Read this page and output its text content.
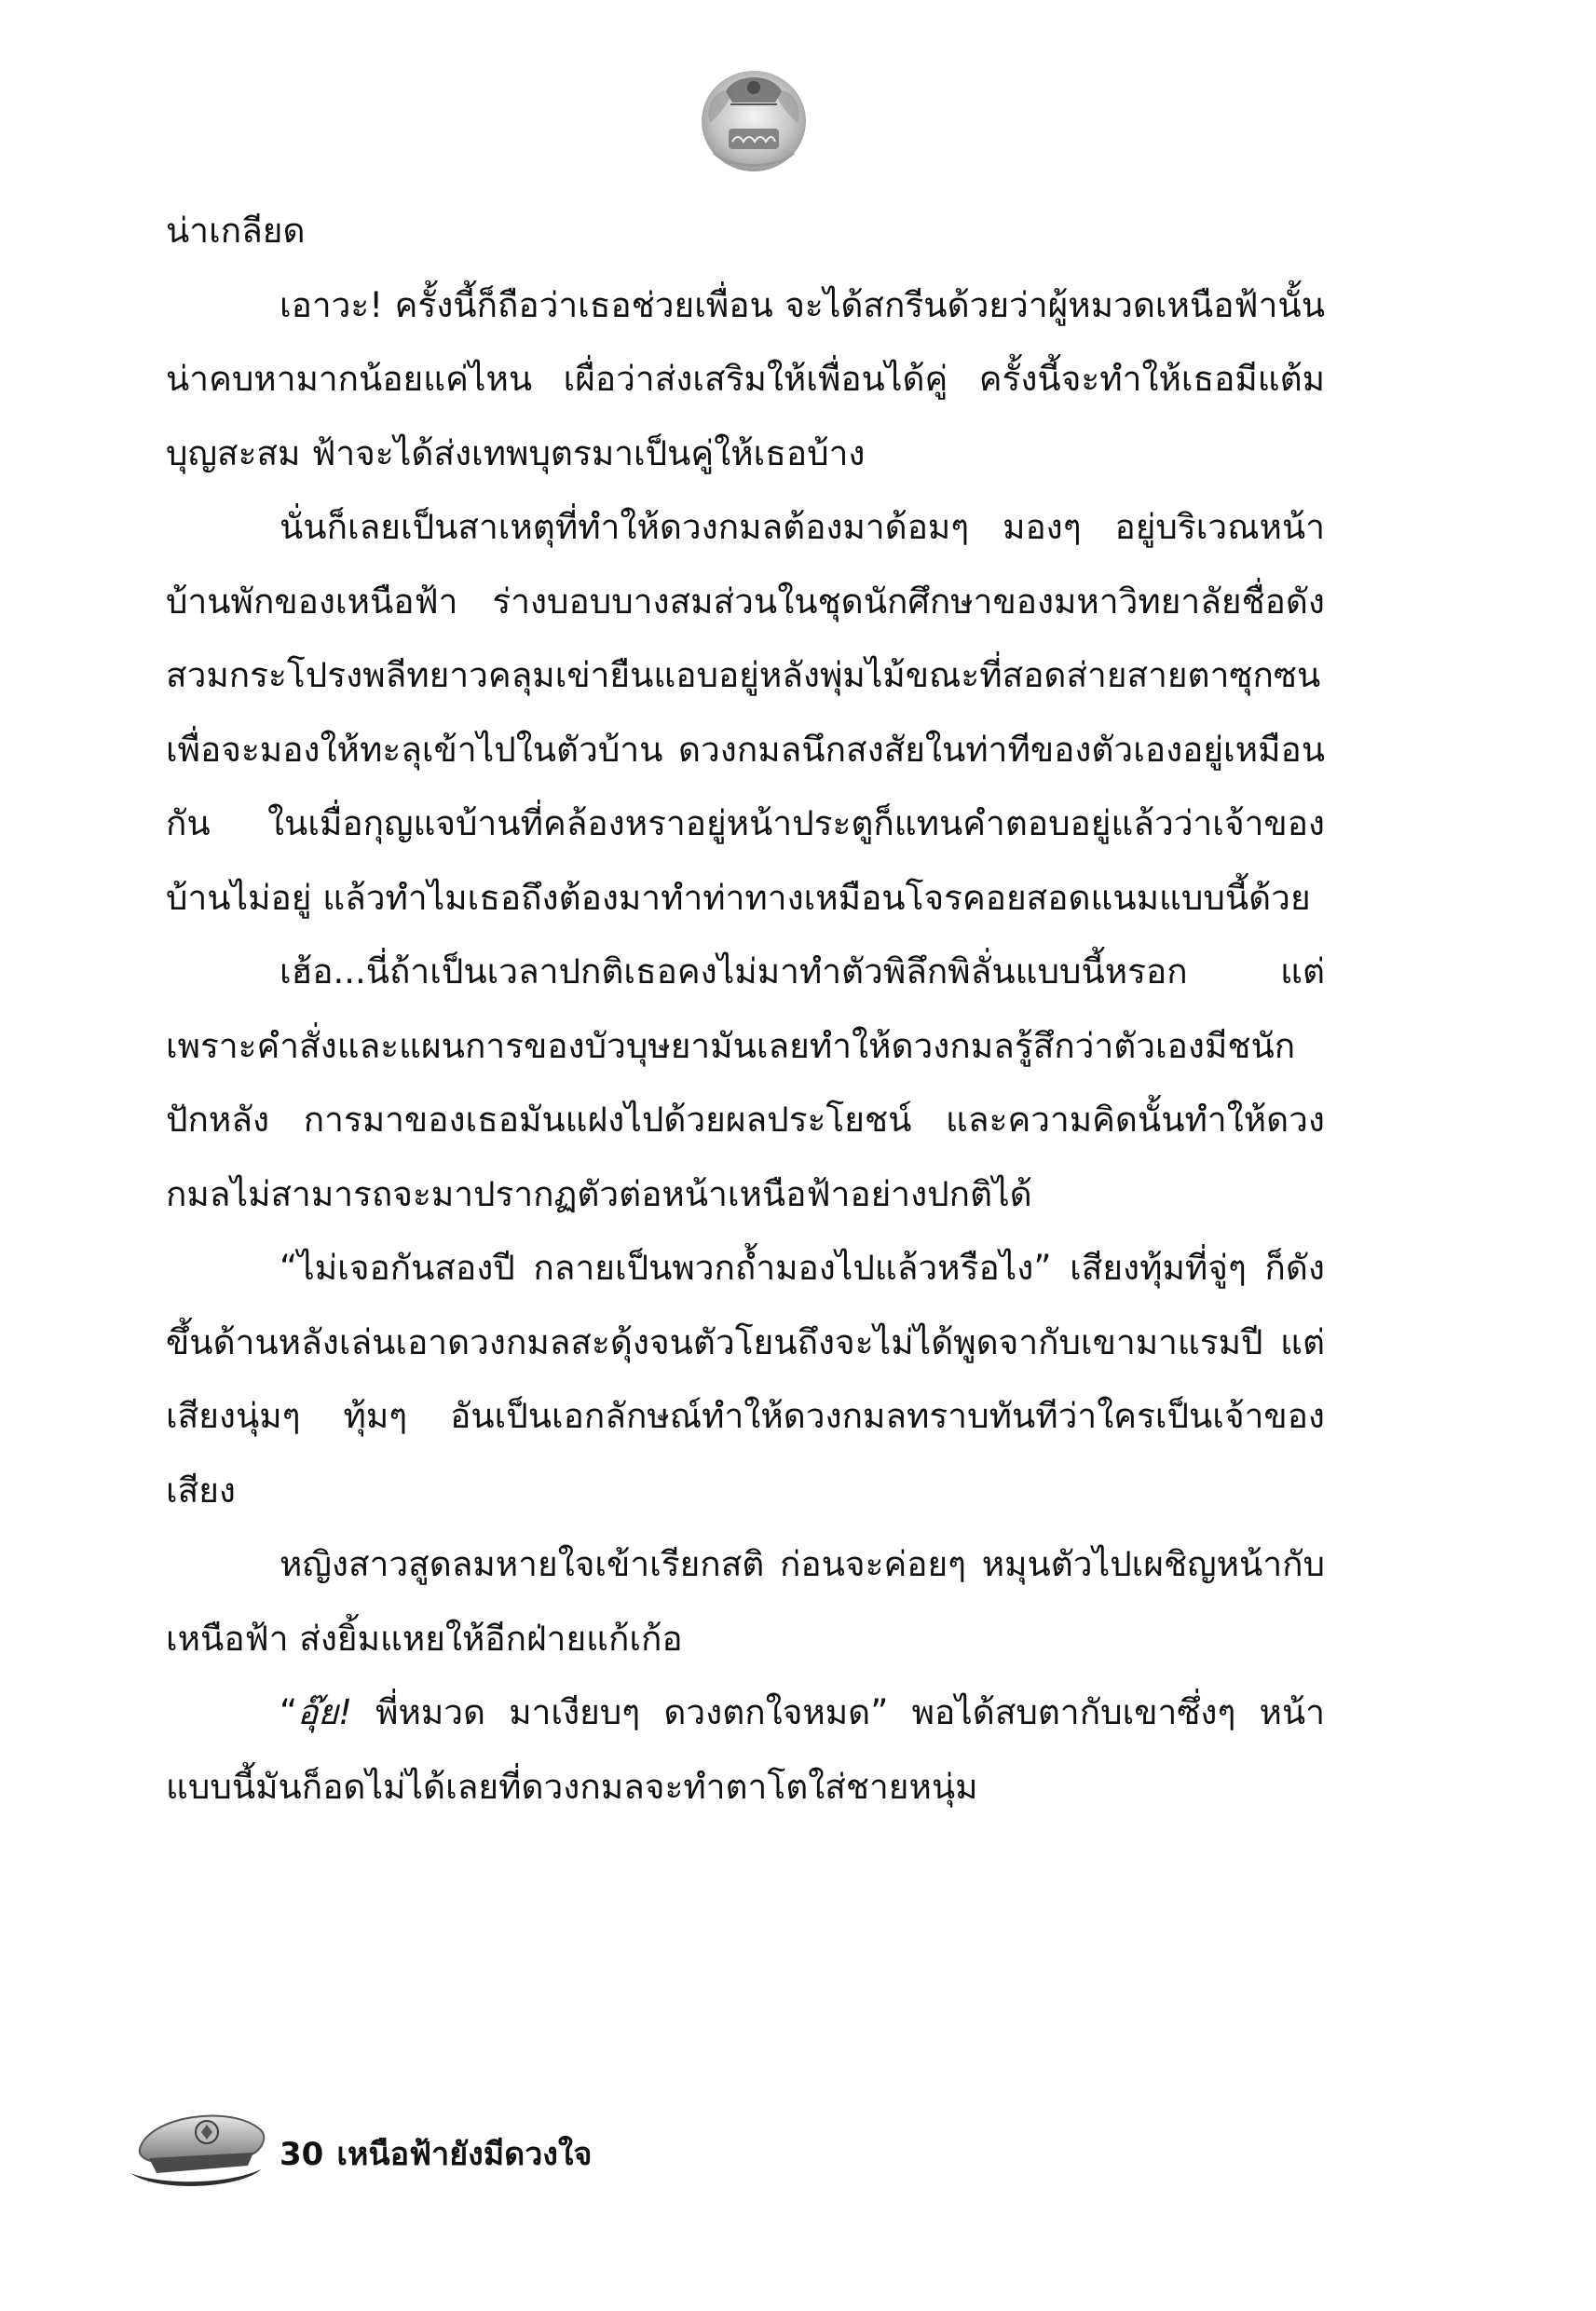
น่าเกลียด

เอาวะ! ครั้งนี้ก็ถือว่าเธอช่วยเพื่อน จะได้สกรีนด้วยว่าผู้หมวดเหนือฟ้านั้นน่าคบหามากน้อยแค่ไหน เผื่อว่าส่งเสริมให้เพื่อนได้คู่ ครั้งนี้จะทำให้เธอมีแต้มบุญสะสม ฟ้าจะได้ส่งเทพบุตรมาเป็นคู่ให้เธอบ้าง

นั่นก็เลยเป็นสาเหตุที่ทำให้ดวงกมลต้องมาด้อมๆ มองๆ อยู่บริเวณหน้าบ้านพักของเหนือฟ้า ร่างบอบบางสมส่วนในชุดนักศึกษาของมหาวิทยาลัยชื่อดัง สวมกระโปรงพลีทยาวคลุมเข่ายืนแอบอยู่หลังพุ่มไม้ขณะที่สอดส่ายสายตาซุกซนเพื่อจะมองให้ทะลุเข้าไปในตัวบ้าน ดวงกมลนึกสงสัยในท่าทีของตัวเองอยู่เหมือนกัน ในเมื่อกุญแจบ้านที่คล้องหราอยู่หน้าประตูก็แทนคำตอบอยู่แล้วว่าเจ้าของบ้านไม่อยู่ แล้วทำไมเธอถึงต้องมาทำท่าทางเหมือนโจรคอยสอดแนมแบบนี้ด้วย

เฮ้อ...นี่ถ้าเป็นเวลาปกติเธอคงไม่มาทำตัวพิลึกพิลั่นแบบนี้หรอก แต่เพราะคำสั่งและแผนการของบัวบุษยามันเลยทำให้ดวงกมลรู้สึกว่าตัวเองมีชนักปักหลัง การมาของเธอมันแฝงไปด้วยผลประโยชน์ และความคิดนั้นทำให้ดวงกมลไม่สามารถจะมาปรากฏตัวต่อหน้าเหนือฟ้าอย่างปกติได้

“ไม่เจอกันสองปี กลายเป็นพวกถ้ำมองไปแล้วหรือไง” เสียงทุ้มที่จู่ๆ ก็ดังขึ้นด้านหลังเล่นเอาดวงกมลสะดุ้งจนตัวโยนถึงจะไม่ได้พูดจากับเขามาแรมปี แต่เสียงนุ่มๆ ทุ้มๆ อันเป็นเอกลักษณ์ทำให้ดวงกมลทราบทันทีว่าใครเป็นเจ้าของเสียง

หญิงสาวสูดลมหายใจเข้าเรียกสติ ก่อนจะค่อยๆ หมุนตัวไปเผชิญหน้ากับเหนือฟ้า ส่งยิ้มแหยให้อีกฝ่ายแก้เก้อ

“อุ๊ย! พี่หมวด มาเงียบๆ ดวงตกใจหมด” พอได้สบตากับเขาซึ่งๆ หน้าแบบนี้มันก็อดไม่ได้เลยที่ดวงกมลจะทำตาโตใส่ชายหนุ่ม

30 เหนือฟ้ายังมีดวงใจ
